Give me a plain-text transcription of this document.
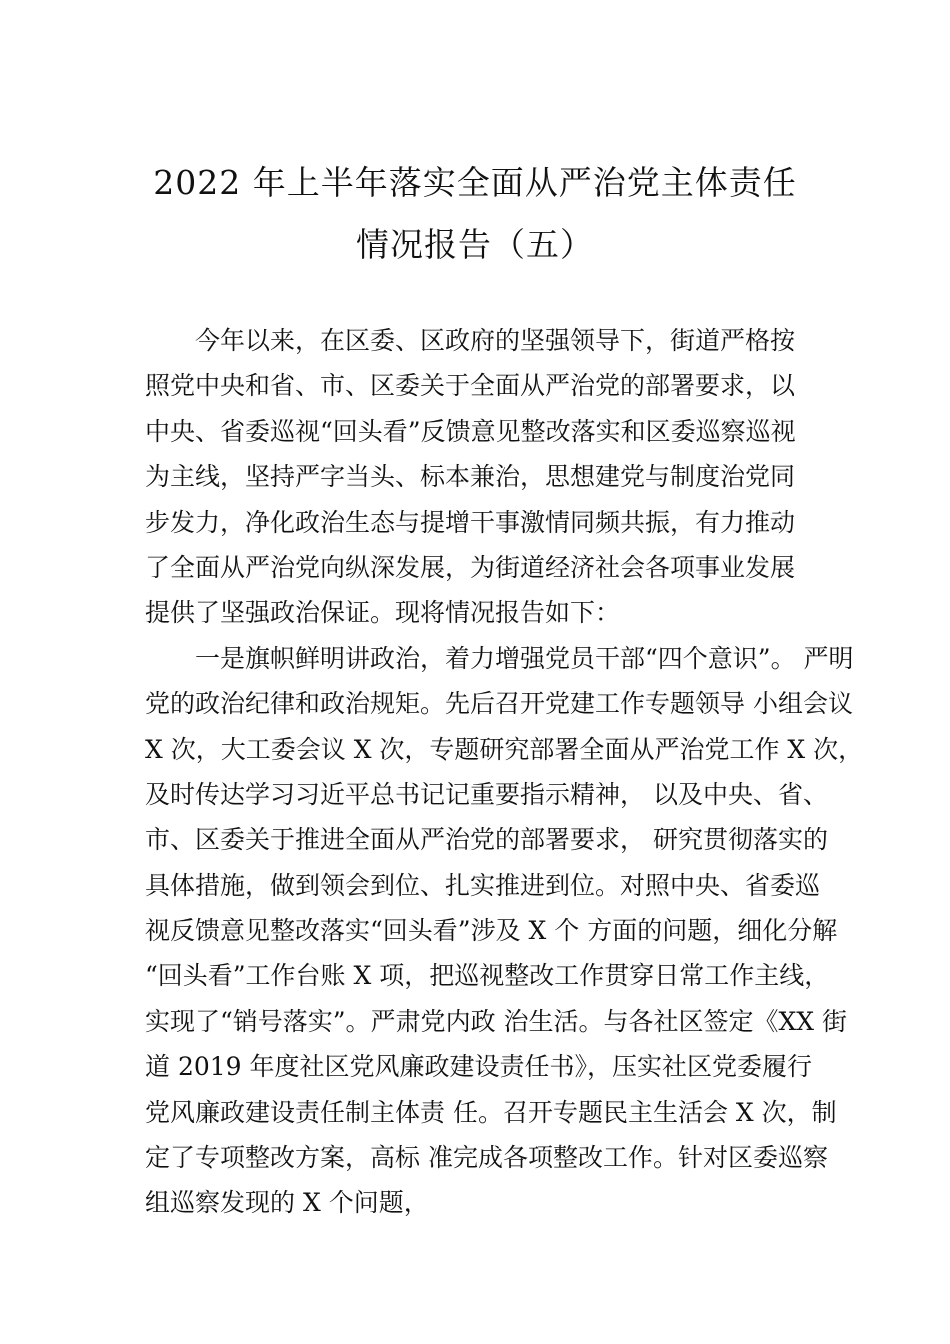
2022 年上半年落实全面从严治党主体责任
情况报告（五）
今年以来，在区委、区政府的坚强领导下，街道严格按
照党中央和省、市、区委关于全面从严治党的部署要求，以
中央、省委巡视“回头看”反馈意见整改落实和区委巡察巡视
为主线，坚持严字当头、标本兼治，思想建党与制度治党同
步发力，净化政治生态与提增干事激情同频共振，有力推动
了全面从严治党向纵深发展，为街道经济社会各项事业发展
提供了坚强政治保证。现将情况报告如下：
一是旗帜鲜明讲政治，着力增强党员干部“四个意识”。 严明
党的政治纪律和政治规矩。先后召开党建工作专题领导 小组会议
X 次，大工委会议 X 次，专题研究部署全面从严治党工作 X 次，
及时传达学习习近平总书记记重要指示精神， 以及中央、省、
市、区委关于推进全面从严治党的部署要求， 研究贯彻落实的
具体措施，做到领会到位、扎实推进到位。对照中央、省委巡
视反馈意见整改落实“回头看”涉及 X 个 方面的问题，细化分解
“回头看”工作台账 X 项，把巡视整改工作贯穿日常工作主线，
实现了“销号落实”。严肃党内政 治生活。与各社区签定《XX 街
道 2019 年度社区党风廉政建设责任书》，压实社区党委履行
党风廉政建设责任制主体责 任。召开专题民主生活会 X 次，制
定了专项整改方案，高标 准完成各项整改工作。针对区委巡察
组巡察发现的 X 个问题，
